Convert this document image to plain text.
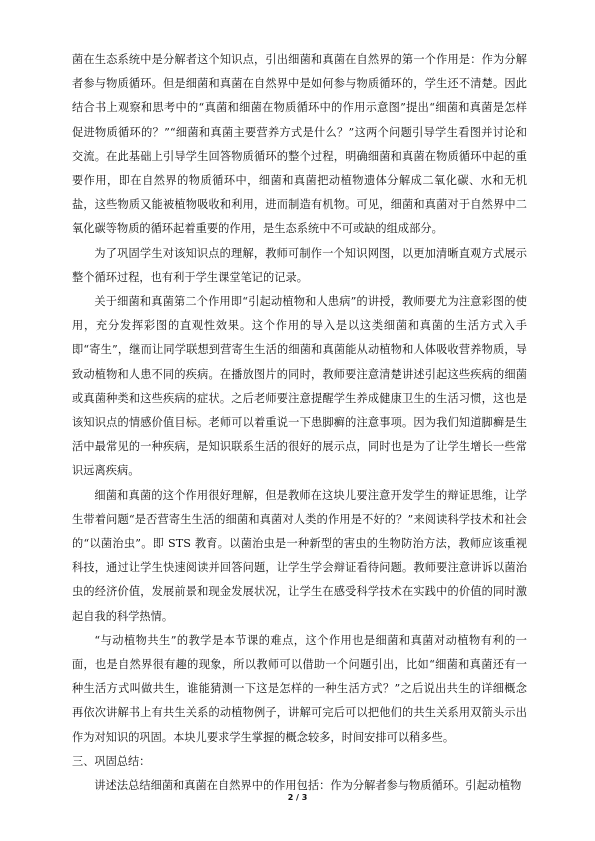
菌在生态系统中是分解者这个知识点，引出细菌和真菌在自然界的第一个作用是：作为分解者参与物质循环。但是细菌和真菌在自然界中是如何参与物质循环的，学生还不清楚。因此结合书上观察和思考中的“真菌和细菌在物质循环中的作用示意图”提出“细菌和真菌是怎样促进物质循环的？”“细菌和真菌主要营养方式是什么？”这两个问题引导学生看图并讨论和交流。在此基础上引导学生回答物质循环的整个过程，明确细菌和真菌在物质循环中起的重要作用，即在自然界的物质循环中，细菌和真菌把动植物遗体分解成二氧化碳、水和无机盐，这些物质又能被植物吸收和利用，进而制造有机物。可见，细菌和真菌对于自然界中二氧化碳等物质的循环起着重要的作用，是生态系统中不可或缺的组成部分。

为了巩固学生对该知识点的理解，教师可制作一个知识网图，以更加清晰直观方式展示整个循环过程，也有利于学生课堂笔记的记录。

关于细菌和真菌第二个作用即“引起动植物和人患病”的讲授，教师要尤为注意彩图的使用，充分发挥彩图的直观性效果。这个作用的导入是以这类细菌和真菌的生活方式入手即“寄生”，继而让同学联想到营寄生生活的细菌和真菌能从动植物和人体吸收营养物质，导致动植物和人患不同的疾病。在播放图片的同时，教师要注意清楚讲述引起这些疾病的细菌或真菌种类和这些疾病的症状。之后老师要注意提醒学生养成健康卫生的生活习惯，这也是该知识点的情感价值目标。老师可以着重说一下患脚癣的注意事项。因为我们知道脚癣是生活中最常见的一种疾病，是知识联系生活的很好的展示点，同时也是为了让学生增长一些常识远离疾病。

细菌和真菌的这个作用很好理解，但是教师在这块儿要注意开发学生的辩证思维，让学生带着问题“是否营寄生生活的细菌和真菌对人类的作用是不好的？”来阅读科学技术和社会的“以菌治虫”。即 STS 教育。以菌治虫是一种新型的害虫的生物防治方法，教师应该重视科技，通过让学生快速阅读并回答问题，让学生学会辩证看待问题。教师要注意讲诉以菌治虫的经济价值，发展前景和现金发展状况，让学生在感受科学技术在实践中的价值的同时激起自我的科学热情。

“与动植物共生”的教学是本节课的难点，这个作用也是细菌和真菌对动植物有利的一面，也是自然界很有趣的现象，所以教师可以借助一个问题引出，比如“细菌和真菌还有一种生活方式叫做共生，谁能猜测一下这是怎样的一种生活方式？”之后说出共生的详细概念再依次讲解书上有共生关系的动植物例子，讲解可完后可以把他们的共生关系用双箭头示出作为对知识的巩固。本块儿要求学生掌握的概念较多，时间安排可以稍多些。

三、巩固总结：

讲述法总结细菌和真菌在自然界中的作用包括：作为分解者参与物质循环。引起动植物

2 / 3
